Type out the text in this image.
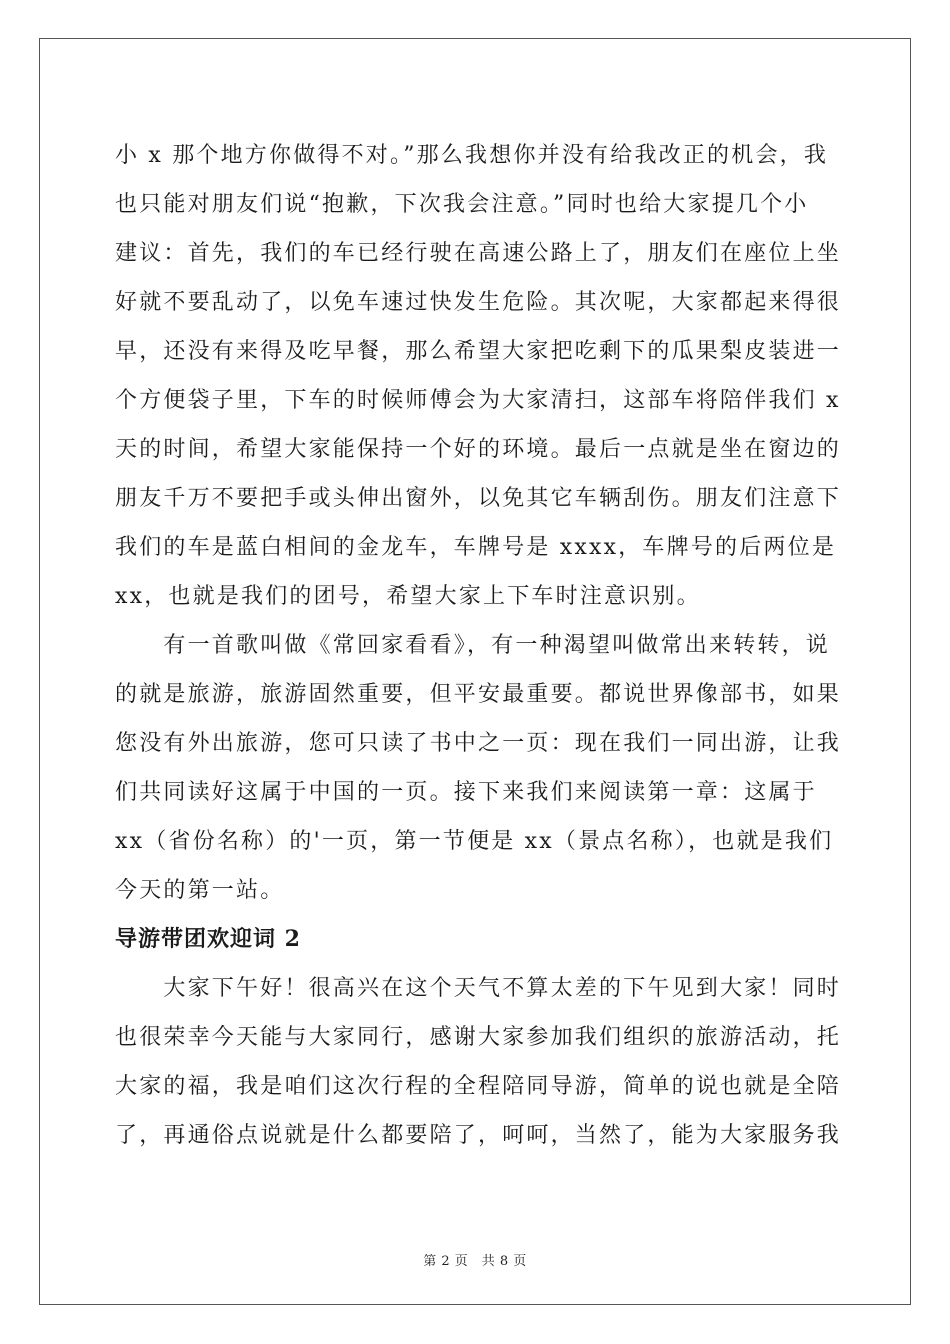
小 x 那个地方你做得不对。”那么我想你并没有给我改正的机会，我
也只能对朋友们说“抱歉，下次我会注意。”同时也给大家提几个小
建议：首先，我们的车已经行驶在高速公路上了，朋友们在座位上坐
好就不要乱动了，以免车速过快发生危险。其次呢，大家都起来得很
早，还没有来得及吃早餐，那么希望大家把吃剩下的瓜果梨皮装进一
个方便袋子里，下车的时候师傅会为大家清扫，这部车将陪伴我们 x
天的时间，希望大家能保持一个好的环境。最后一点就是坐在窗边的
朋友千万不要把手或头伸出窗外，以免其它车辆刮伤。朋友们注意下
我们的车是蓝白相间的金龙车，车牌号是 xxxx，车牌号的后两位是
xx，也就是我们的团号，希望大家上下车时注意识别。

　　有一首歌叫做《常回家看看》，有一种渴望叫做常出来转转，说
的就是旅游，旅游固然重要，但平安最重要。都说世界像部书，如果
您没有外出旅游，您可只读了书中之一页：现在我们一同出游，让我
们共同读好这属于中国的一页。接下来我们来阅读第一章：这属于
xx（省份名称）的'一页，第一节便是 xx（景点名称），也就是我们
今天的第一站。

导游带团欢迎词 2

　　大家下午好！很高兴在这个天气不算太差的下午见到大家！同时
也很荣幸今天能与大家同行，感谢大家参加我们组织的旅游活动，托
大家的福，我是咱们这次行程的全程陪同导游，简单的说也就是全陪
了，再通俗点说就是什么都要陪了，呵呵，当然了，能为大家服务我

第 2 页　共 8 页
